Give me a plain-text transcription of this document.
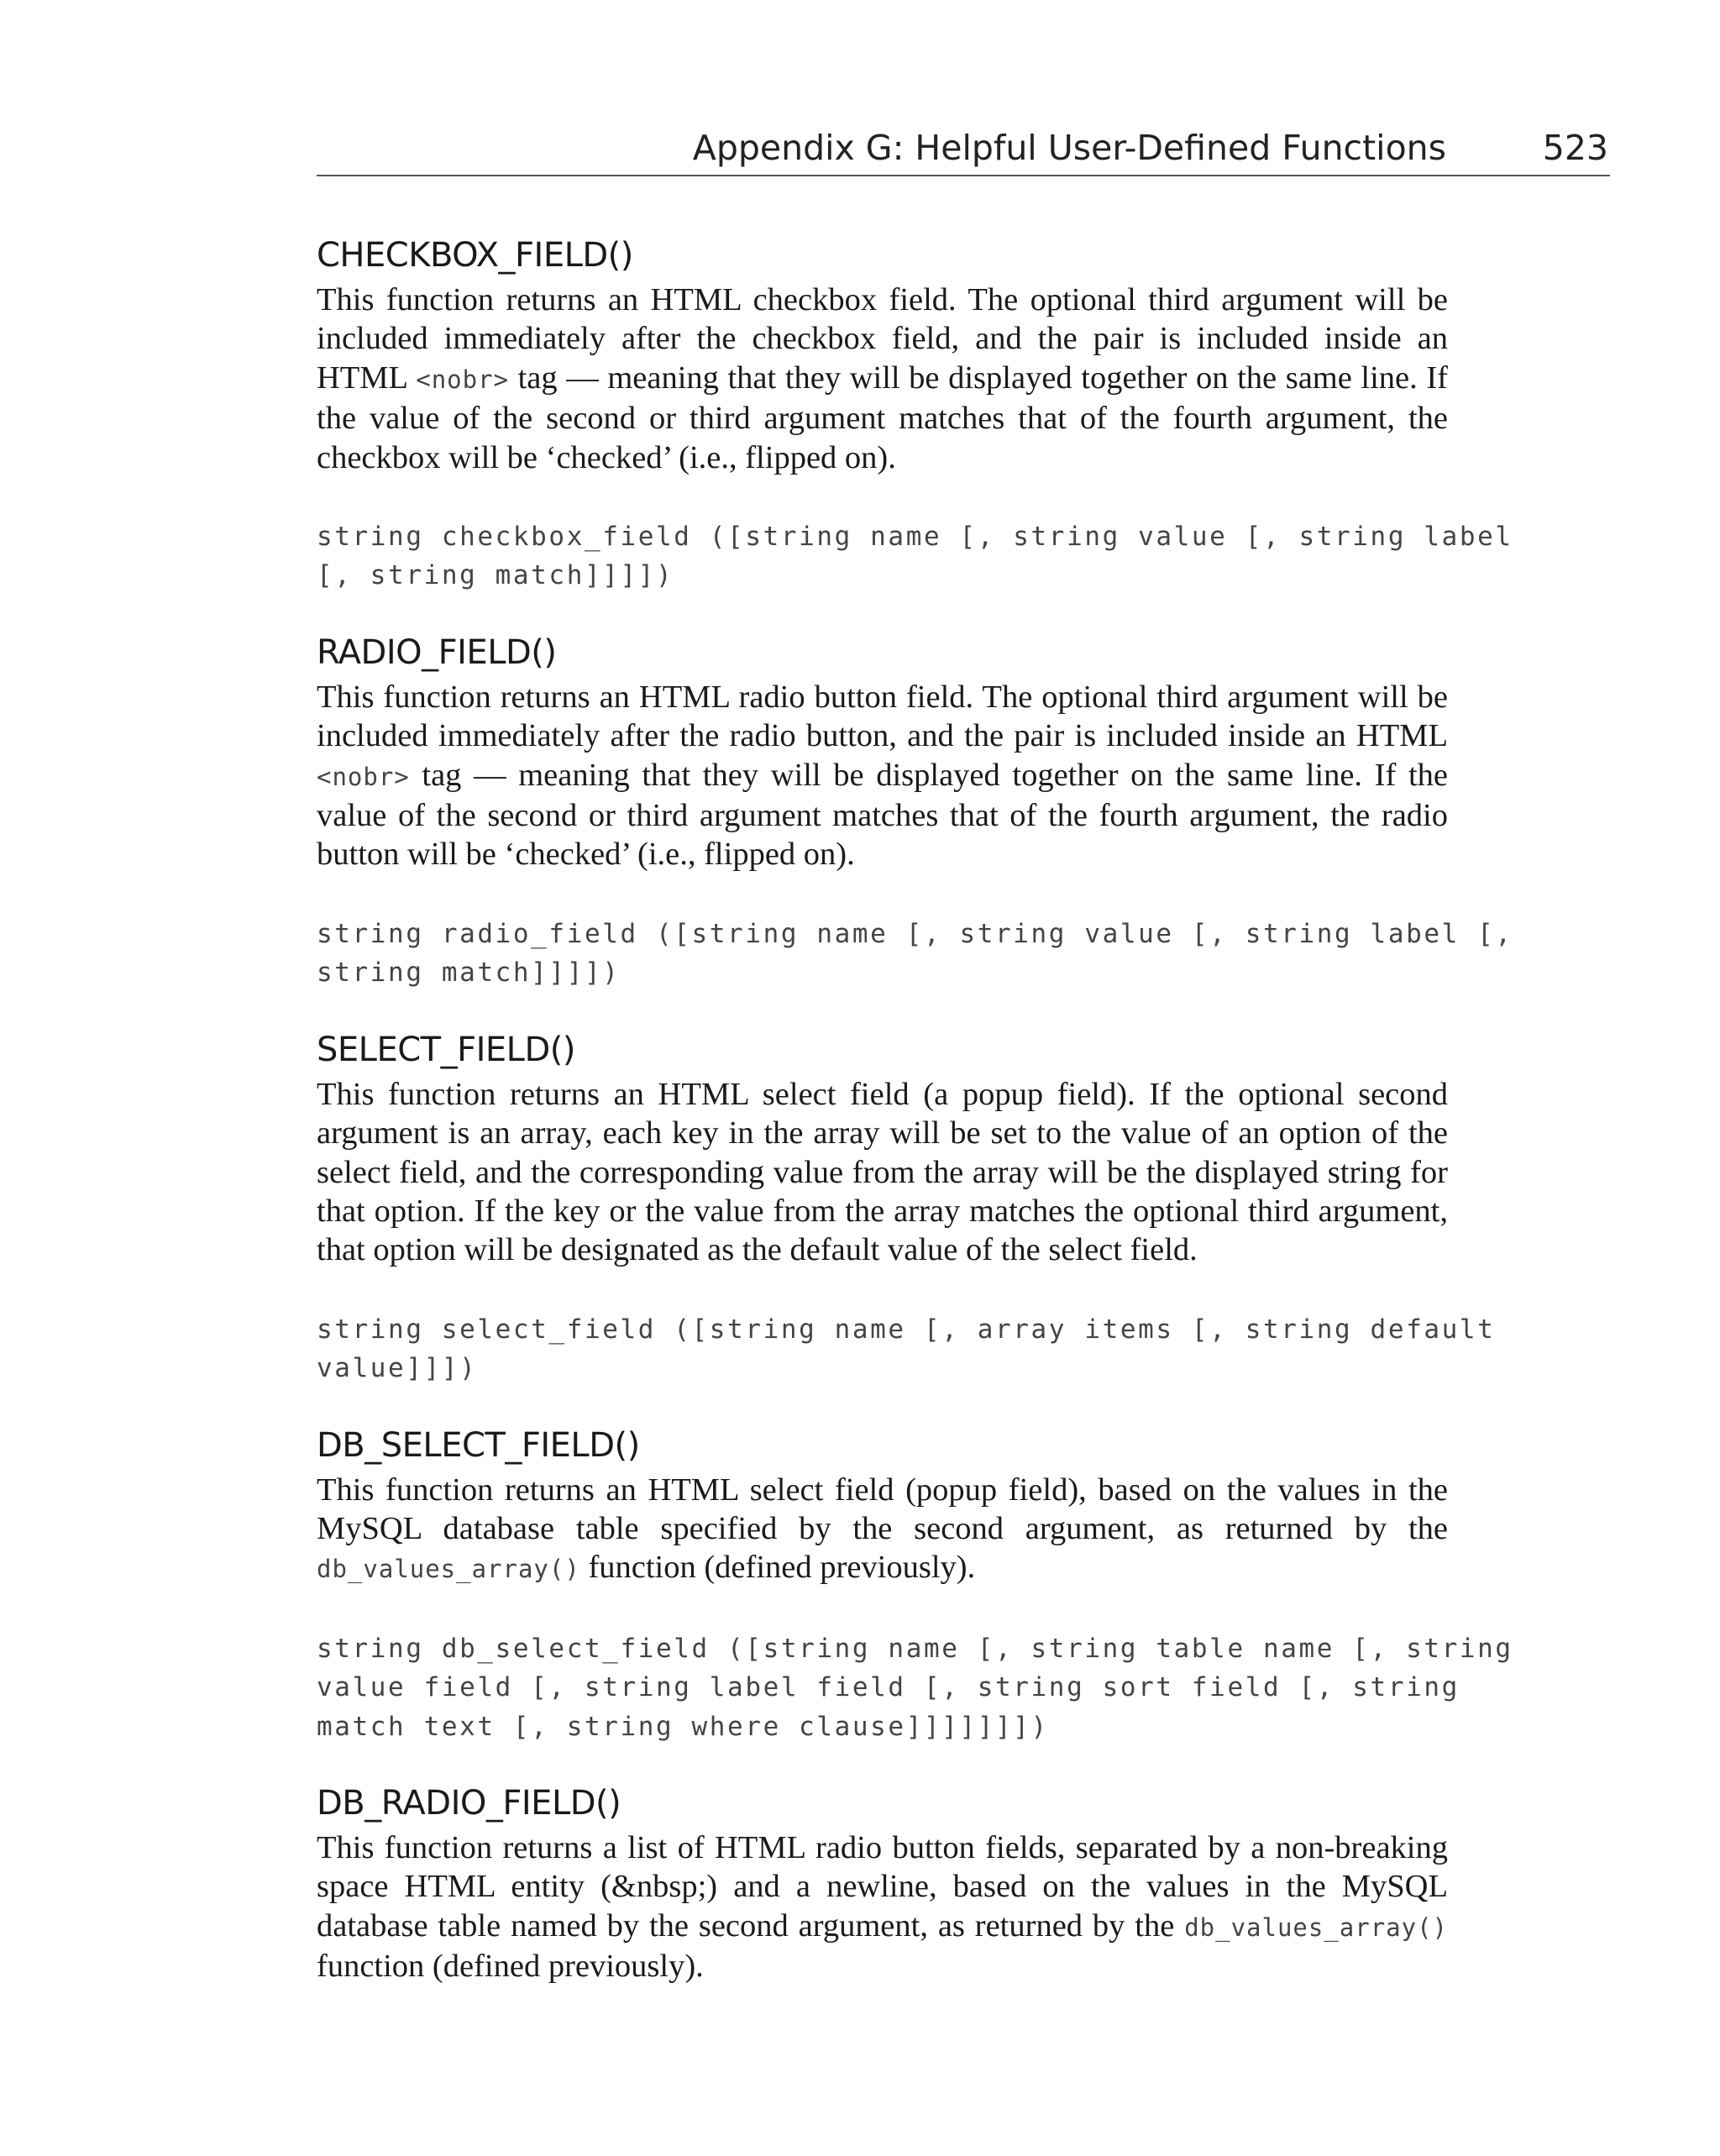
Appendix G: Helpful User-Defined Functions	523
CHECKBOX_FIELD()

This function returns an HTML checkbox field. The optional third argument will be included immediately after the checkbox field, and the pair is included inside an HTML <nobr> tag — meaning that they will be displayed together on the same line. If the value of the second or third argument matches that of the fourth argument, the checkbox will be ‘checked’ (i.e., flipped on).

string checkbox_field ([string name [, string value [, string label
[, string match]]]])
RADIO_FIELD()

This function returns an HTML radio button field. The optional third argument will be included immediately after the radio button, and the pair is included inside an HTML <nobr> tag — meaning that they will be displayed together on the same line. If the value of the second or third argument matches that of the fourth argument, the radio button will be ‘checked’ (i.e., flipped on).

string radio_field ([string name [, string value [, string label [,
string match]]]])
SELECT_FIELD()

This function returns an HTML select field (a popup field). If the optional second argument is an array, each key in the array will be set to the value of an option of the select field, and the corresponding value from the array will be the displayed string for that option. If the key or the value from the array matches the optional third argument, that option will be designated as the default value of the select field.

string select_field ([string name [, array items [, string default
value]]])
DB_SELECT_FIELD()

This function returns an HTML select field (popup field), based on the values in the MySQL database table specified by the second argument, as returned by the db_values_array() function (defined previously).

string db_select_field ([string name [, string table name [, string
value field [, string label field [, string sort field [, string
match text [, string where clause]]]]]]])
DB_RADIO_FIELD()

This function returns a list of HTML radio button fields, separated by a non-breaking space HTML entity (&nbsp;) and a newline, based on the values in the MySQL database table named by the second argument, as returned by the db_values_array() function (defined previously).
